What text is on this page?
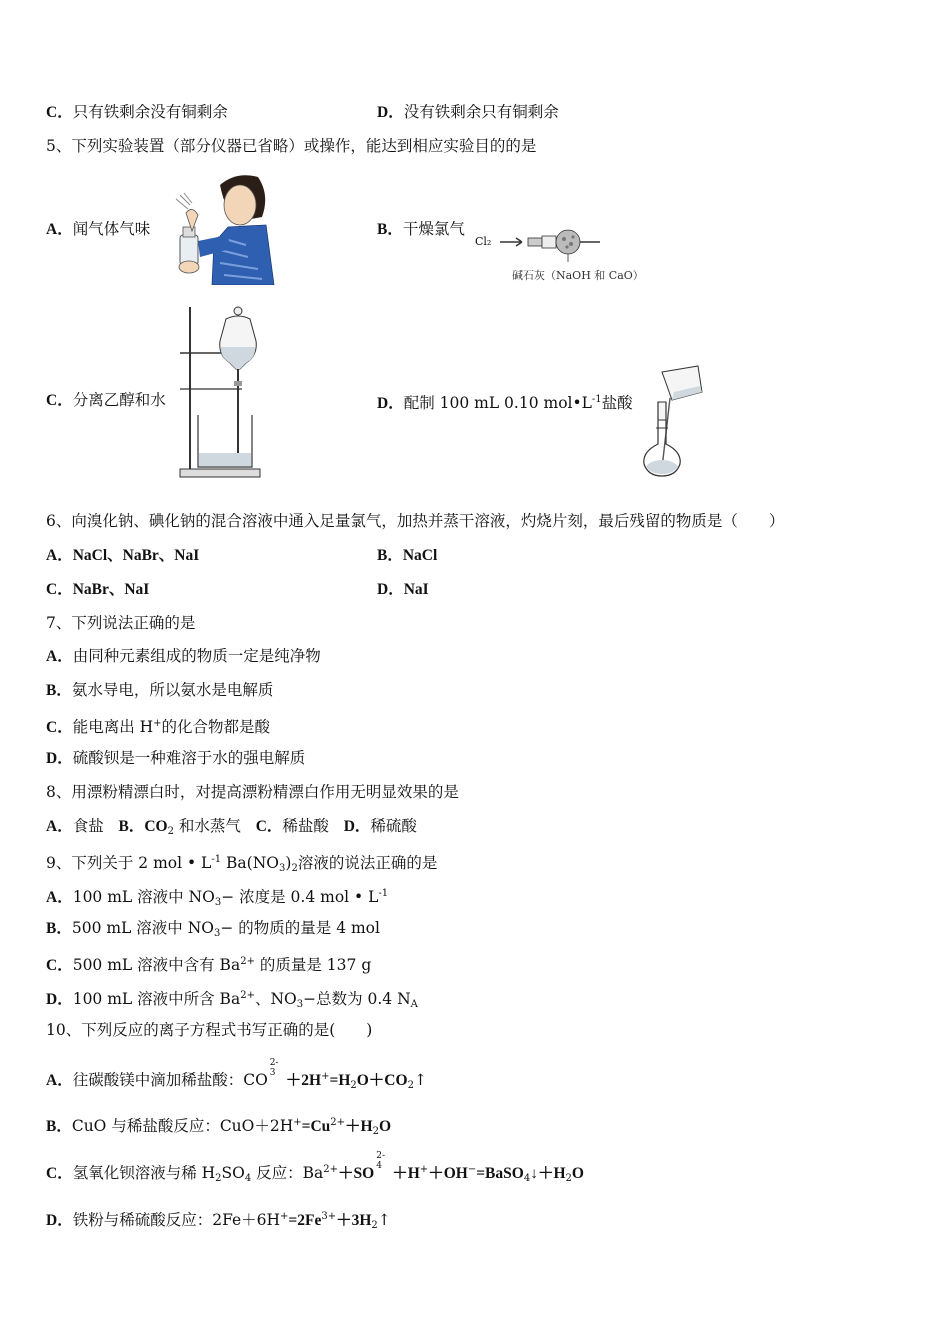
C．只有铁剩余没有铜剩余	D．没有铁剩余只有铜剩余
5、下列实验装置（部分仪器已省略）或操作，能达到相应实验目的的是
A．闻气体气味	B．干燥氯气
Cl₂
碱石灰（NaOH 和 CaO）
C．分离乙醇和水	D．配制 100 mL 0.10 $mol•L^{-1}$盐酸
6、向溴化钠、碘化钠的混合溶液中通入足量氯气，加热并蒸干溶液，灼烧片刻，最后残留的物质是（　　）
A．NaCl、NaBr、NaI	B．NaCl
C．NaBr、NaI	D．NaI
7、下列说法正确的是
A．由同种元素组成的物质一定是纯净物
B．氨水导电，所以氨水是电解质
C．能电离出 H+的化合物都是酸
D．硫酸钡是一种难溶于水的强电解质
8、用漂粉精漂白时，对提高漂粉精漂白作用无明显效果的是
A．食盐 B．$CO_2$ 和水蒸气 C．稀盐酸 D．稀硫酸
9、下列关于 2 mol • $L^{-1}$ $Ba(NO_3)_2$溶液的说法正确的是
A．100 mL 溶液中 $NO_3-$ 浓度是 0.4 mol • $L^{-1}$
B．500 mL 溶液中 $NO_3-$ 的物质的量是 4 mol
C．500 mL 溶液中含有 $Ba^{2+}$ 的质量是 137 g
D．100 mL 溶液中所含 $Ba^{2+}$、$NO_3-$总数为 0.4 $N_A$
10、下列反应的离子方程式书写正确的是(　　)
A．往碳酸镁中滴加稀盐酸：CO
2-
$3 +2H^+=H_2O+CO_2↑$
B．CuO 与稀盐酸反应：$CuO+2H^+=Cu^{2+}+H_2O$
C．氢氧化钡溶液与稀 $H_2SO_4$ 反应：$Ba^{2+}+SO$
2-
$4 +H^++OH^-=BaSO_4↓+H_2O$
D．铁粉与稀硫酸反应：$2Fe+6H^+=2Fe^{3+}+3H_2↑$
